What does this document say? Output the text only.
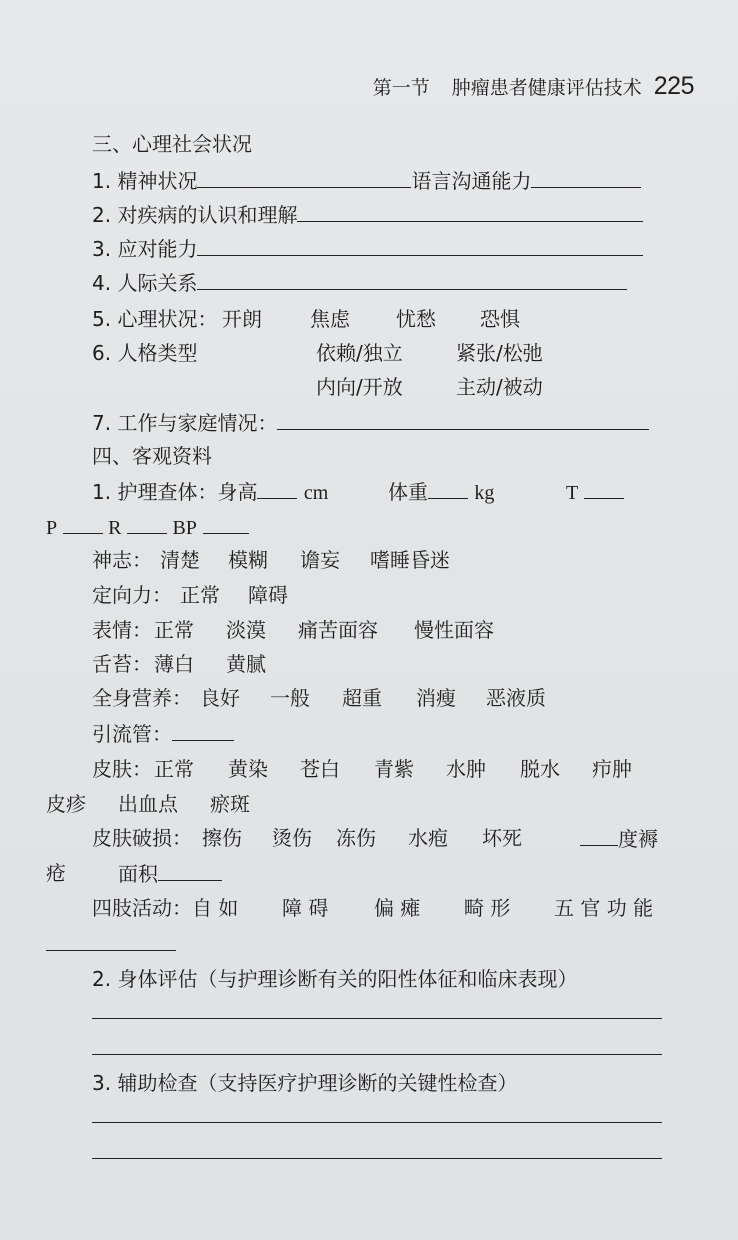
第一节 肿瘤患者健康评估技术 225
三、心理社会状况
1. 精神状况	语言沟通能力
2. 对疾病的认识和理解
3. 应对能力
4. 人际关系
5. 心理状况： 开朗 焦虑 忧愁 恐惧
6. 人格类型	依赖/独立	紧张/松弛
内向/开放	主动/被动
7. 工作与家庭情况：
四、客观资料
1. 护理查体：身高 cm	体重 kg	T
P	R	BP
神志： 清楚 模糊 谵妄 嗜睡昏迷
定向力： 正常 障碍
表情： 正常 淡漠 痛苦面容 慢性面容
舌苔： 薄白 黄腻
全身营养： 良好 一般 超重 消瘦 恶液质
引流管：
皮肤： 正常 黄染 苍白 青紫 水肿 脱水 疖肿
皮疹 出血点 瘀斑
皮肤破损： 擦伤 烫伤 冻伤 水疱 坏死	度褥
疮	面积
四肢活动： 自 如 障 碍 偏 瘫 畸 形 五 官 功 能
2. 身体评估（与护理诊断有关的阳性体征和临床表现）
3. 辅助检查（支持医疗护理诊断的关键性检查）
